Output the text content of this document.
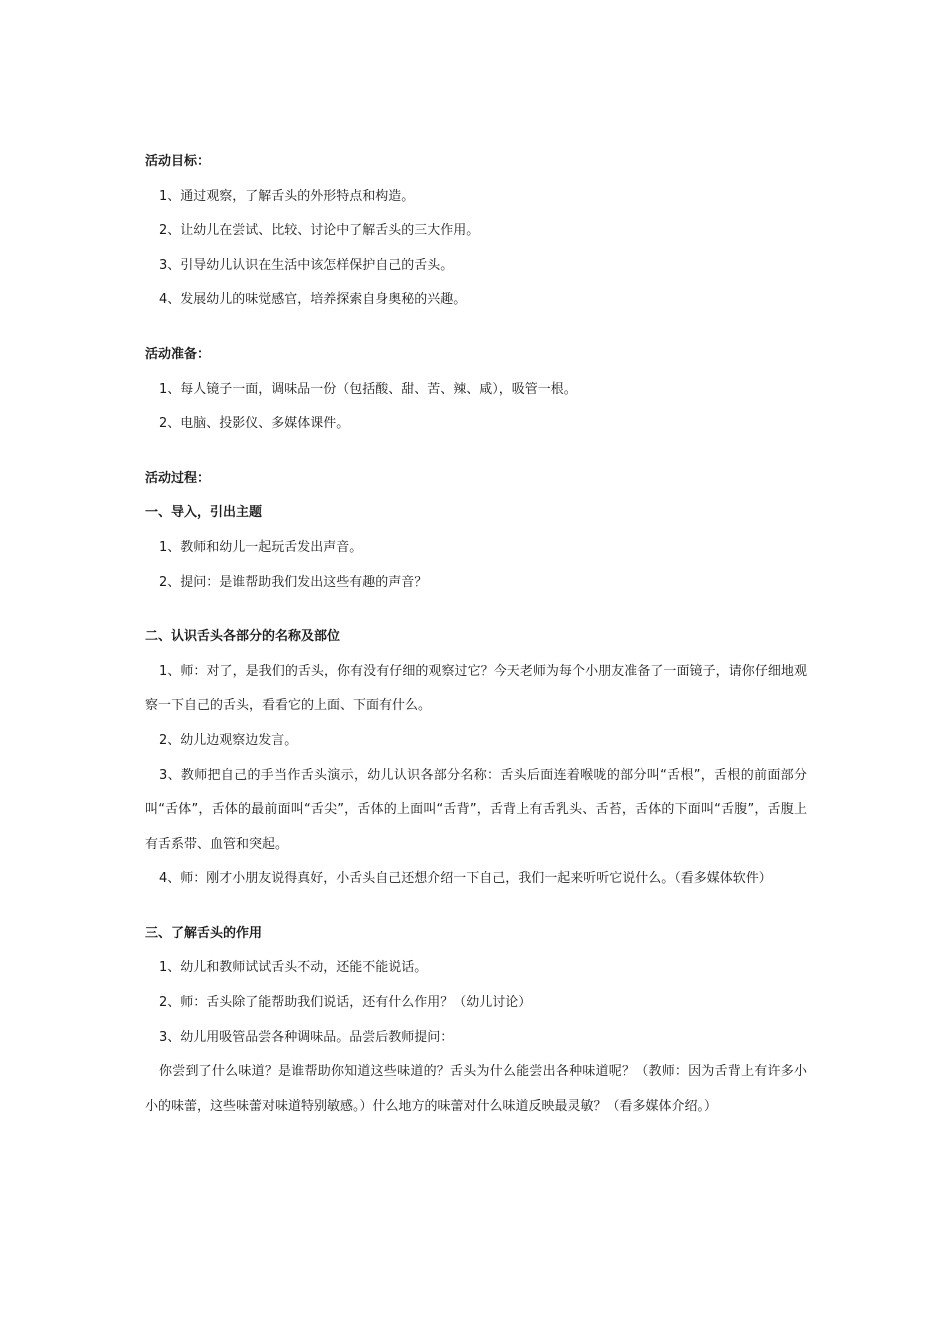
活动目标：
1、通过观察，了解舌头的外形特点和构造。
2、让幼儿在尝试、比较、讨论中了解舌头的三大作用。
3、引导幼儿认识在生活中该怎样保护自己的舌头。
4、发展幼儿的味觉感官，培养探索自身奥秘的兴趣。
活动准备：
1、每人镜子一面，调味品一份（包括酸、甜、苦、辣、咸），吸管一根。
2、电脑、投影仪、多媒体课件。
活动过程：
一、导入，引出主题
1、教师和幼儿一起玩舌发出声音。
2、提问：是谁帮助我们发出这些有趣的声音？
二、认识舌头各部分的名称及部位
1、师：对了，是我们的舌头，你有没有仔细的观察过它？今天老师为每个小朋友准备了一面镜子，请你仔细地观察一下自己的舌头，看看它的上面、下面有什么。
2、幼儿边观察边发言。
3、教师把自己的手当作舌头演示，幼儿认识各部分名称：舌头后面连着喉咙的部分叫“舌根”，舌根的前面部分叫“舌体”，舌体的最前面叫“舌尖”，舌体的上面叫“舌背”，舌背上有舌乳头、舌苔，舌体的下面叫“舌腹”，舌腹上有舌系带、血管和突起。
4、师：刚才小朋友说得真好，小舌头自己还想介绍一下自己，我们一起来听听它说什么。（看多媒体软件）
三、了解舌头的作用
1、幼儿和教师试试舌头不动，还能不能说话。
2、师：舌头除了能帮助我们说话，还有什么作用？（幼儿讨论）
3、幼儿用吸管品尝各种调味品。品尝后教师提问：
你尝到了什么味道？是谁帮助你知道这些味道的？舌头为什么能尝出各种味道呢？（教师：因为舌背上有许多小小的味蕾，这些味蕾对味道特别敏感。）什么地方的味蕾对什么味道反映最灵敏？（看多媒体介绍。）
